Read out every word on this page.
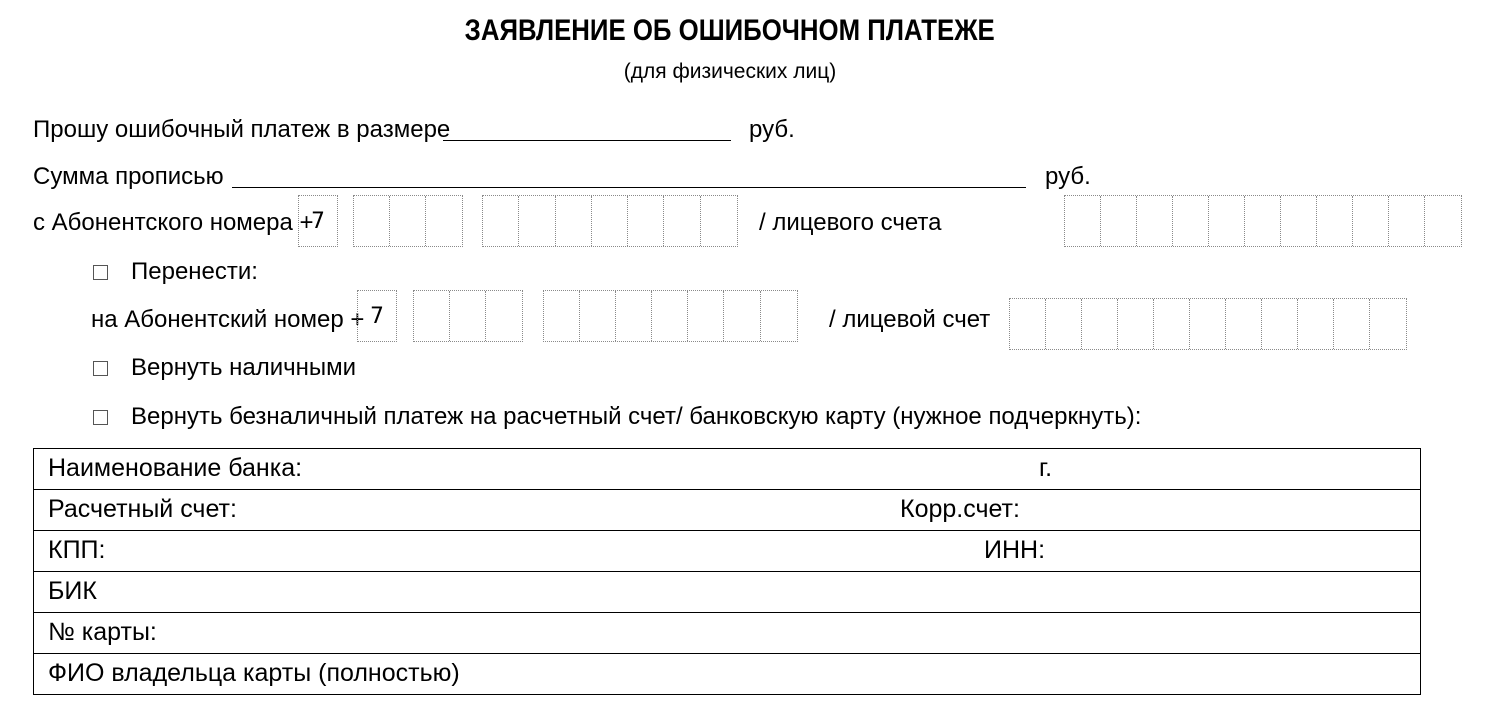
ЗАЯВЛЕНИЕ ОБ ОШИБОЧНОМ ПЛАТЕЖЕ
(для физических лиц)
Прошу ошибочный платеж в размере	руб.
Сумма прописью	руб.
с Абонентского номера +
7	/ лицевого счета
Перенести:
на Абонентский номер + 7	/ лицевой счет
Вернуть наличными
Вернуть безналичный платеж на расчетный счет/ банковскую карту (нужное подчеркнуть):
Наименование банка:	г.

Расчетный счет:	Корр.счет:

КПП:	ИНН:

БИК

№ карты:

ФИО владельца карты (полностью)
